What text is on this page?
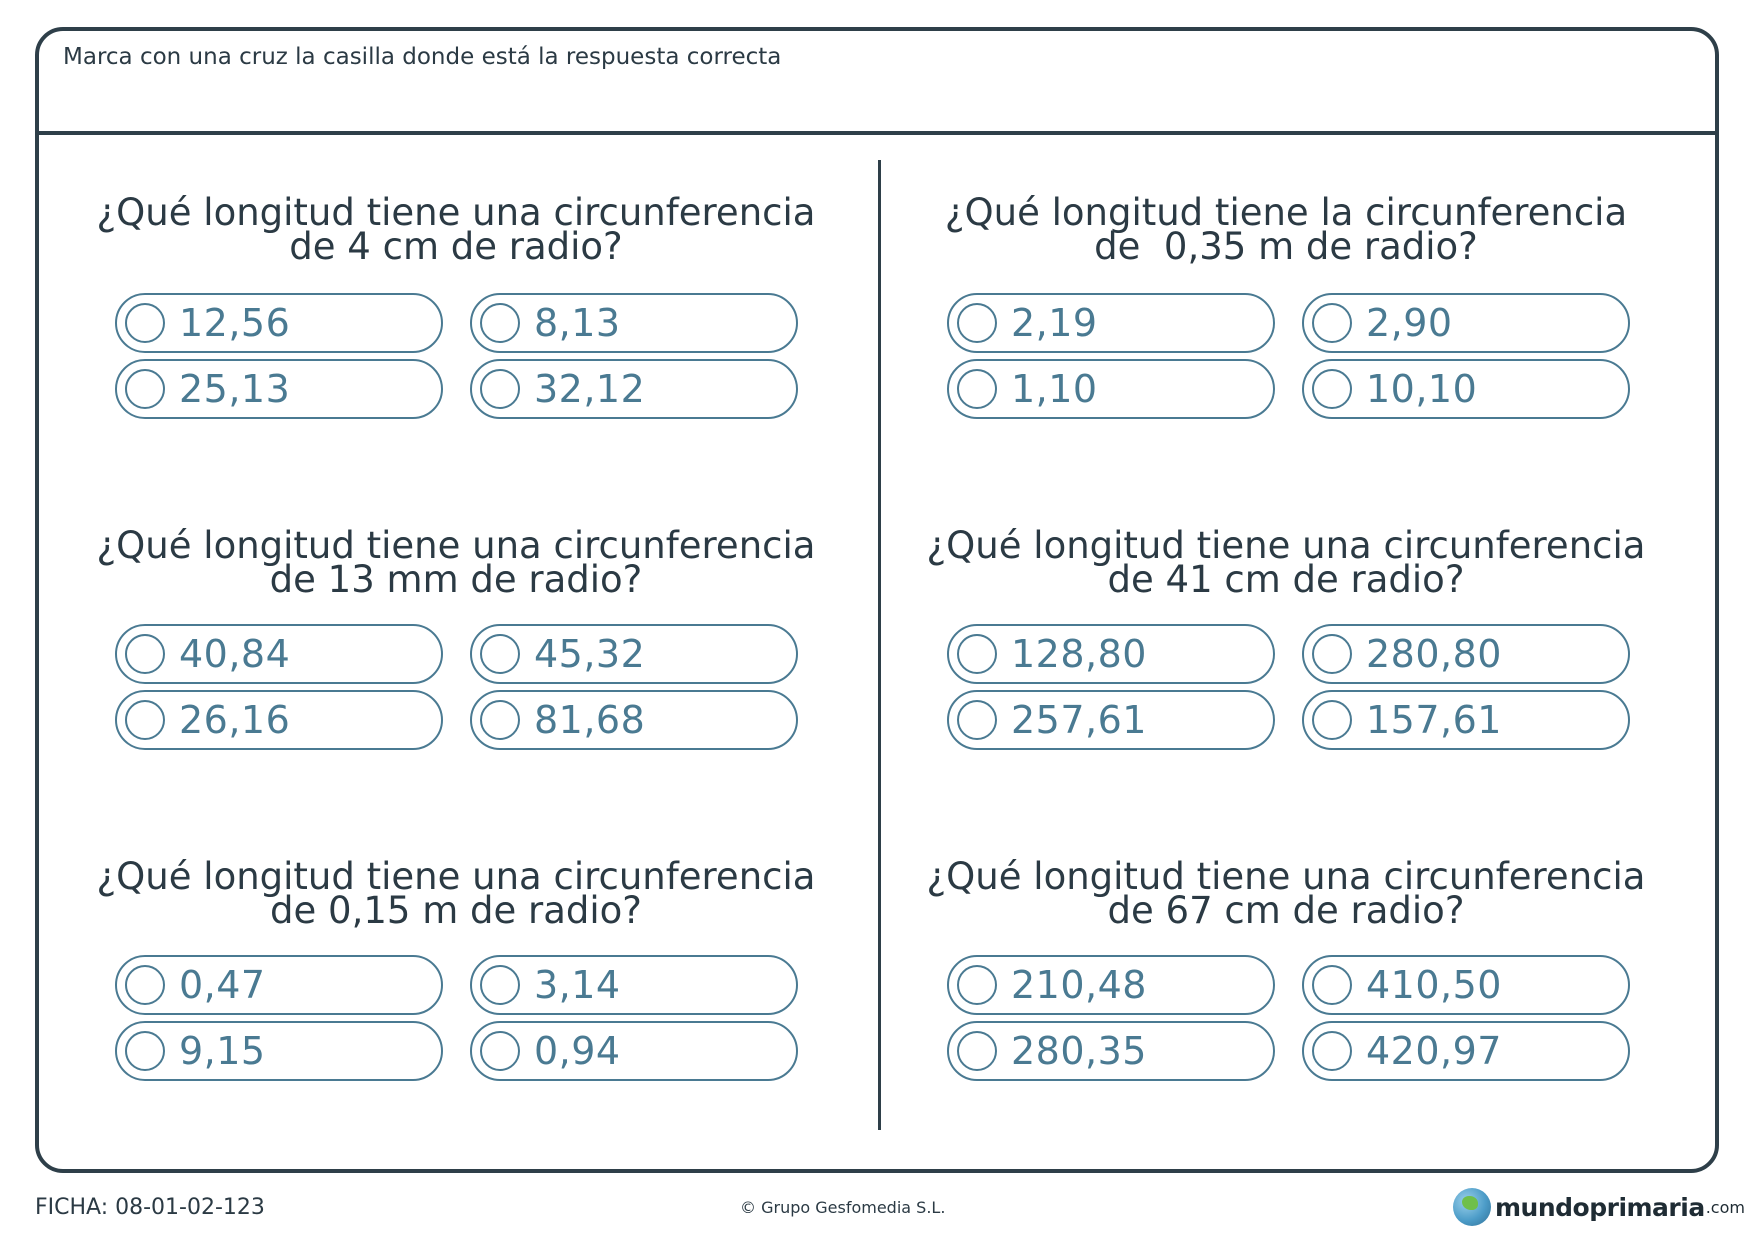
Marca con una cruz la casilla donde está la respuesta correcta

¿Qué longitud tiene una circunferencia
de 4 cm de radio?

12,56	8,13
25,13	32,12

¿Qué longitud tiene la circunferencia
de  0,35 m de radio?

2,19	2,90
1,10	10,10

¿Qué longitud tiene una circunferencia
de 13 mm de radio?

40,84	45,32
26,16	81,68

¿Qué longitud tiene una circunferencia
de 41 cm de radio?

128,80	280,80
257,61	157,61

¿Qué longitud tiene una circunferencia
de 0,15 m de radio?

0,47	3,14
9,15	0,94

¿Qué longitud tiene una circunferencia
de 67 cm de radio?

210,48	410,50
280,35	420,97
FICHA: 08-01-02-123	© Grupo Gesfomedia S.L.	mundoprimaria .com
